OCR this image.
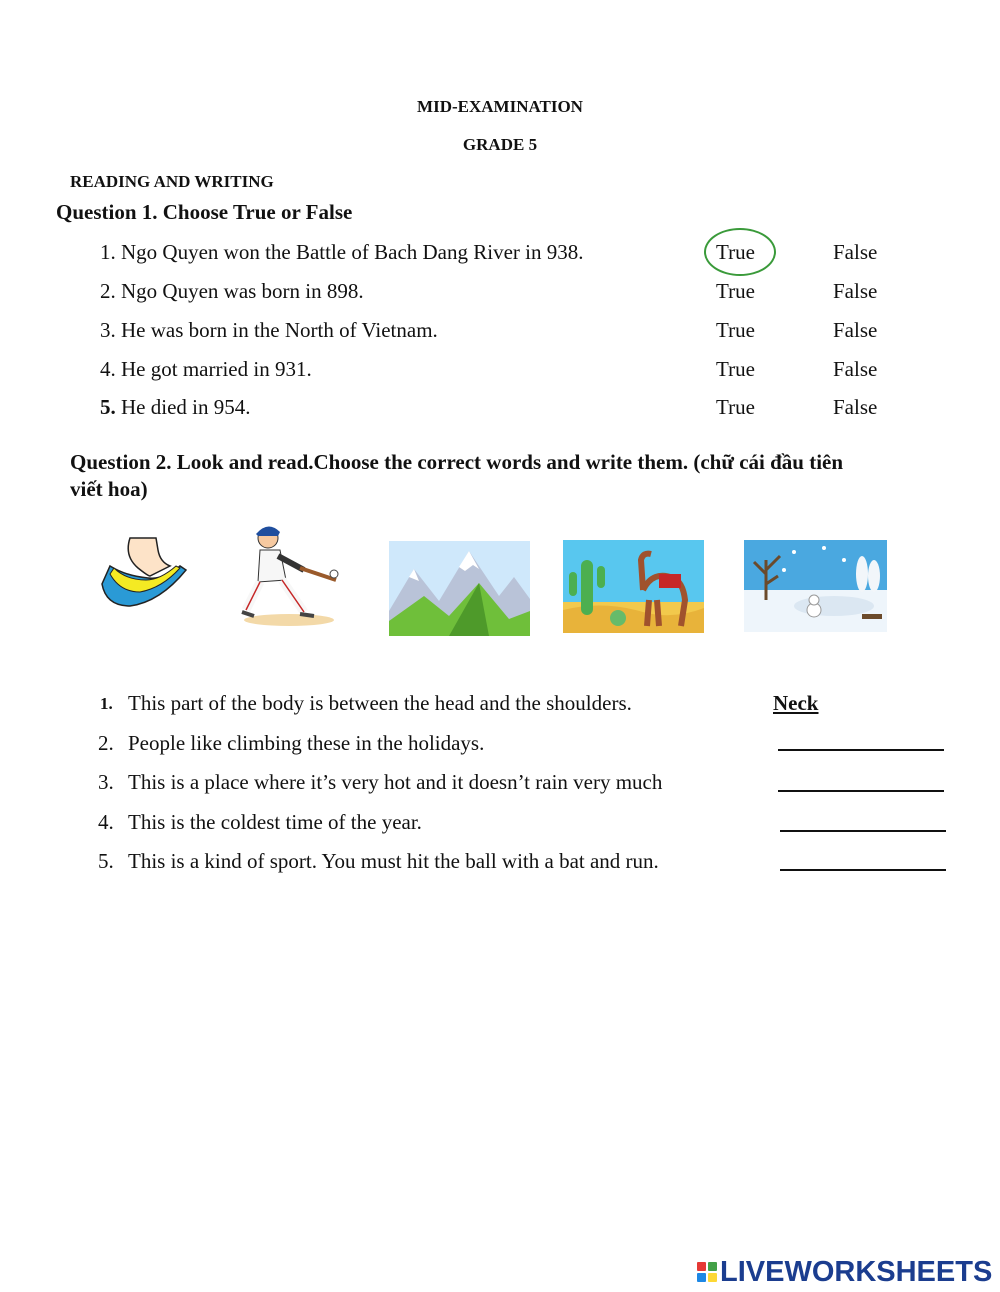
MID-EXAMINATION
GRADE 5
READING AND WRITING
Question 1. Choose True or False
1. Ngo Quyen won the Battle of Bach Dang River in 938.	True	False
2. Ngo Quyen was born in 898.	True	False
3. He was born in the North of Vietnam.	True	False
4. He got married in 931.	True	False
5. He died in 954.	True	False
Question 2. Look and read.Choose the correct words and write them. (chữ cái đầu tiên
viết hoa)
1. This part of the body is between the head and the shoulders.	Neck
2. People like climbing these in the holidays.
3. This is a place where it’s very hot and it doesn’t rain very much
4. This is the coldest time of the year.
5. This is a kind of sport. You must hit the ball with a bat and run.
LIVEWORKSHEETS
